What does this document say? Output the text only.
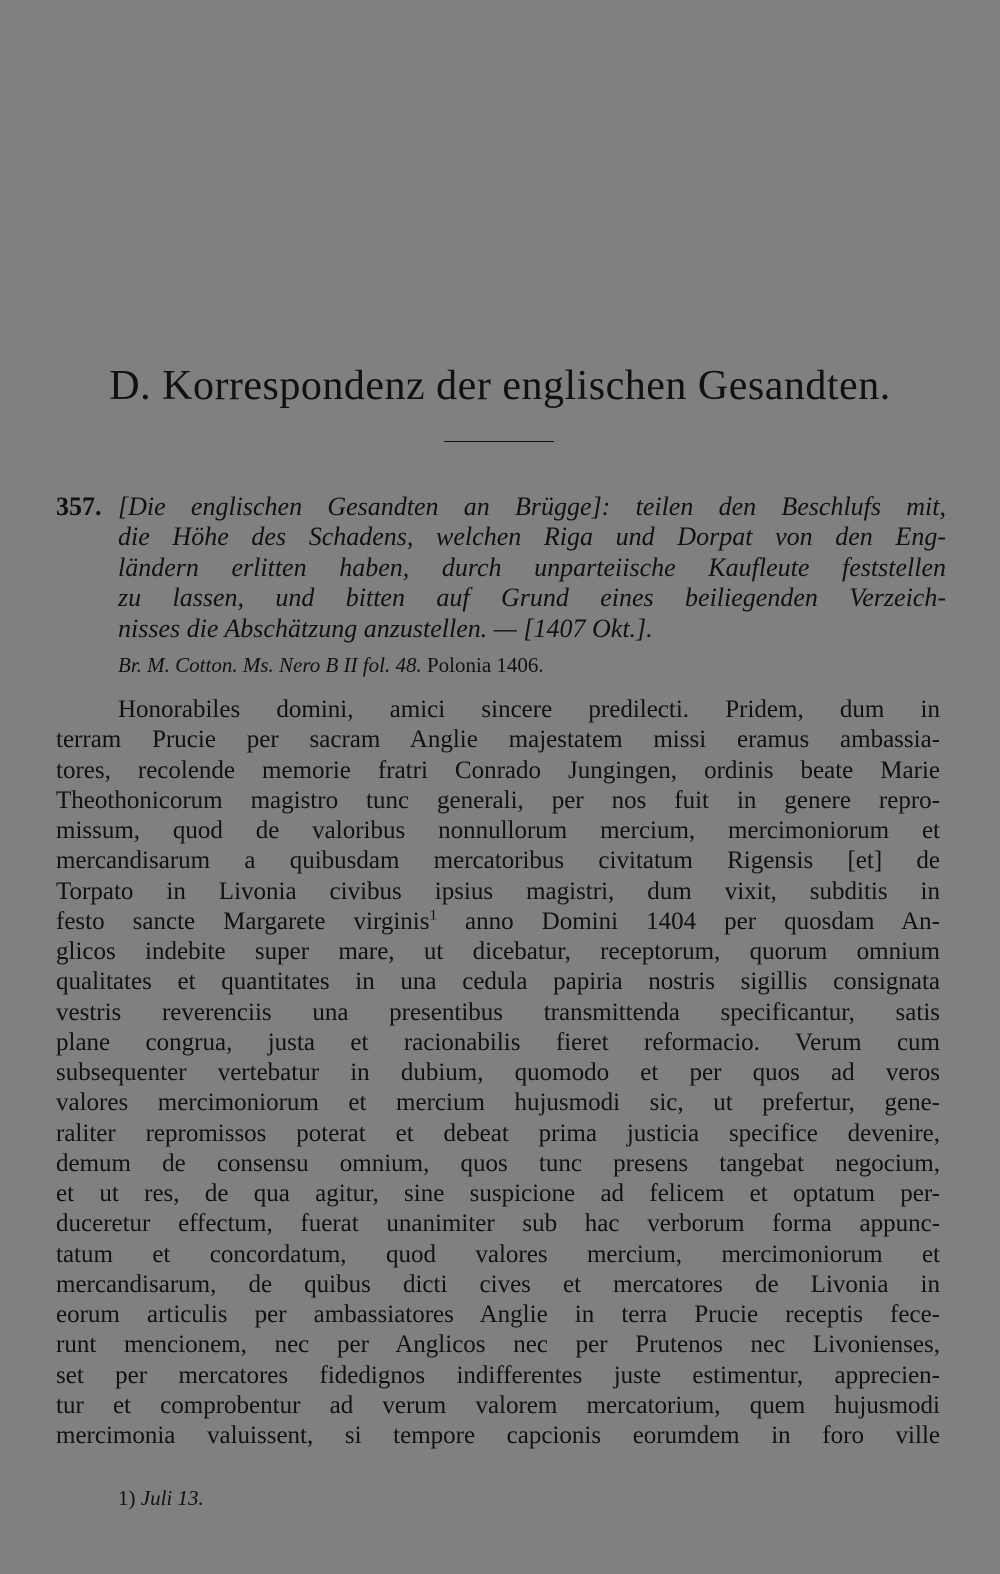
D. Korrespondenz der englischen Gesandten.
357. [Die englischen Gesandten an Brügge]: teilen den Beschlufs mit,
die Höhe des Schadens, welchen Riga und Dorpat von den Eng-
ländern erlitten haben, durch unparteiische Kaufleute feststellen
zu lassen, und bitten auf Grund eines beiliegenden Verzeich-
nisses die Abschätzung anzustellen. — [1407 Okt.].
Br. M. Cotton. Ms. Nero B II fol. 48. Polonia 1406.
Honorabiles domini, amici sincere predilecti. Pridem, dum in
terram Prucie per sacram Anglie majestatem missi eramus ambassia-
tores, recolende memorie fratri Conrado Jungingen, ordinis beate Marie
Theothonicorum magistro tunc generali, per nos fuit in genere repro-
missum, quod de valoribus nonnullorum mercium, mercimoniorum et
mercandisarum a quibusdam mercatoribus civitatum Rigensis [et] de
Torpato in Livonia civibus ipsius magistri, dum vixit, subditis in
festo sancte Margarete virginis$^1$ anno Domini 1404 per quosdam An-
glicos indebite super mare, ut dicebatur, receptorum, quorum omnium
qualitates et quantitates in una cedula papiria nostris sigillis consignata
vestris reverenciis una presentibus transmittenda specificantur, satis
plane congrua, justa et racionabilis fieret reformacio. Verum cum
subsequenter vertebatur in dubium, quomodo et per quos ad veros
valores mercimoniorum et mercium hujusmodi sic, ut prefertur, gene-
raliter repromissos poterat et debeat prima justicia specifice devenire,
demum de consensu omnium, quos tunc presens tangebat negocium,
et ut res, de qua agitur, sine suspicione ad felicem et optatum per-
duceretur effectum, fuerat unanimiter sub hac verborum forma appunc-
tatum et concordatum, quod valores mercium, mercimoniorum et
mercandisarum, de quibus dicti cives et mercatores de Livonia in
eorum articulis per ambassiatores Anglie in terra Prucie receptis fece-
runt mencionem, nec per Anglicos nec per Prutenos nec Livonienses,
set per mercatores fidedignos indifferentes juste estimentur, apprecien-
tur et comprobentur ad verum valorem mercatorium, quem hujusmodi
mercimonia valuissent, si tempore capcionis eorumdem in foro ville
1) Juli 13.
